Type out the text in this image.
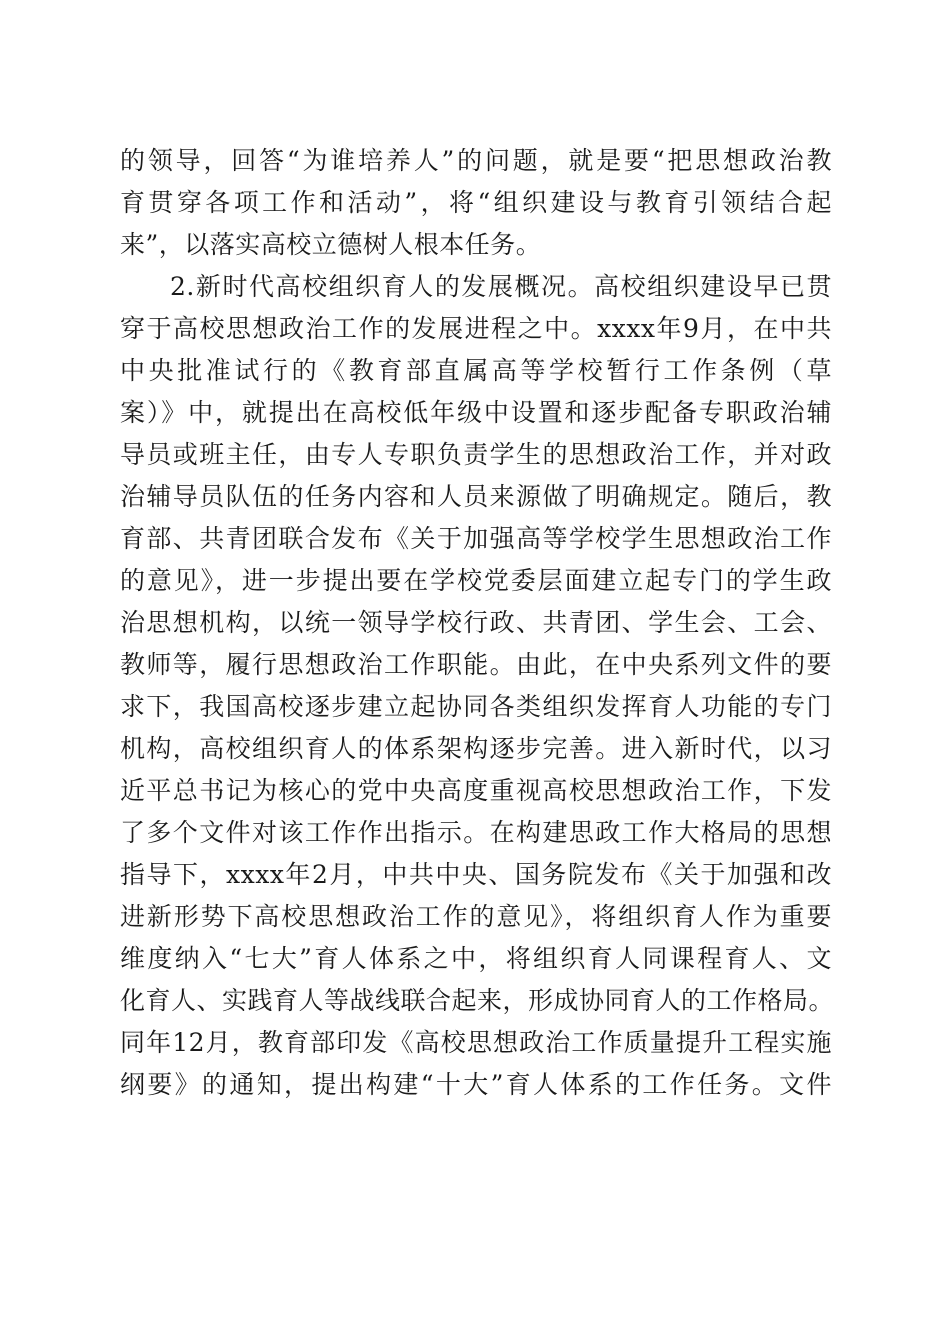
的领导，回答“为谁培养人”的问题，就是要“把思想政治教
育贯穿各项工作和活动”，将“组织建设与教育引领结合起
来”，以落实高校立德树人根本任务。
2.新时代高校组织育人的发展概况。高校组织建设早已贯
穿于高校思想政治工作的发展进程之中。xxxx年9月，在中共
中央批准试行的《教育部直属高等学校暂行工作条例（草
案）》中，就提出在高校低年级中设置和逐步配备专职政治辅
导员或班主任，由专人专职负责学生的思想政治工作，并对政
治辅导员队伍的任务内容和人员来源做了明确规定。随后，教
育部、共青团联合发布《关于加强高等学校学生思想政治工作
的意见》，进一步提出要在学校党委层面建立起专门的学生政
治思想机构，以统一领导学校行政、共青团、学生会、工会、
教师等，履行思想政治工作职能。由此，在中央系列文件的要
求下，我国高校逐步建立起协同各类组织发挥育人功能的专门
机构，高校组织育人的体系架构逐步完善。进入新时代，以习
近平总书记为核心的党中央高度重视高校思想政治工作，下发
了多个文件对该工作作出指示。在构建思政工作大格局的思想
指导下，xxxx年2月，中共中央、国务院发布《关于加强和改
进新形势下高校思想政治工作的意见》，将组织育人作为重要
维度纳入“七大”育人体系之中，将组织育人同课程育人、文
化育人、实践育人等战线联合起来，形成协同育人的工作格局。
同年12月，教育部印发《高校思想政治工作质量提升工程实施
纲要》的通知，提出构建“十大”育人体系的工作任务。文件
